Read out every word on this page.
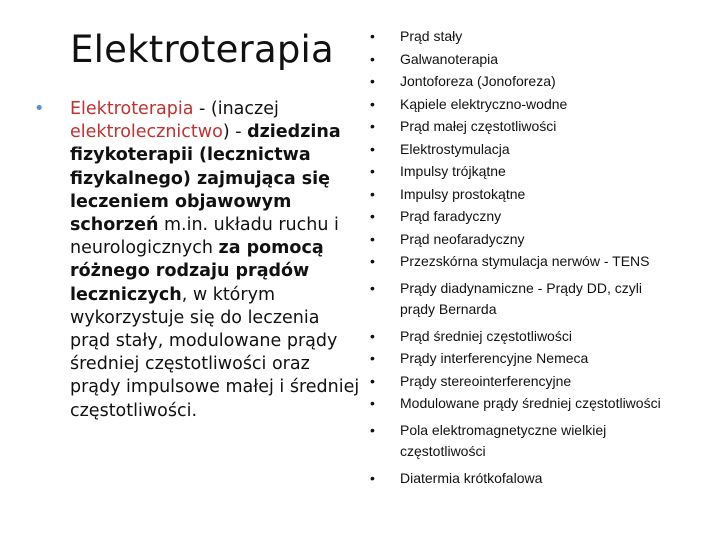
Elektroterapia
• Elektroterapia - (inaczej elektrolecznictwo) - dziedzina fizykoterapii (lecznictwa fizykalnego) zajmująca się leczeniem objawowym schorzeń m.in. układu ruchu i neurologicznych za pomocą różnego rodzaju prądów leczniczych, w którym wykorzystuje się do leczenia prąd stały, modulowane prądy średniej częstotliwości oraz prądy impulsowe małej i średniej częstotliwości.
• Prąd stały
• Galwanoterapia
• Jontoforeza (Jonoforeza)
• Kąpiele elektryczno-wodne
• Prąd małej częstotliwości
• Elektrostymulacja
• Impulsy trójkątne
• Impulsy prostokątne
• Prąd faradyczny
• Prąd neofaradyczny
• Przezskórna stymulacja nerwów - TENS
• Prądy diadynamiczne - Prądy DD, czyli
prądy Bernarda
• Prąd średniej częstotliwości
• Prądy interferencyjne Nemeca
• Prądy stereointerferencyjne
• Modulowane prądy średniej częstotliwości
• Pola elektromagnetyczne wielkiej
częstotliwości
• Diatermia krótkofalowa
